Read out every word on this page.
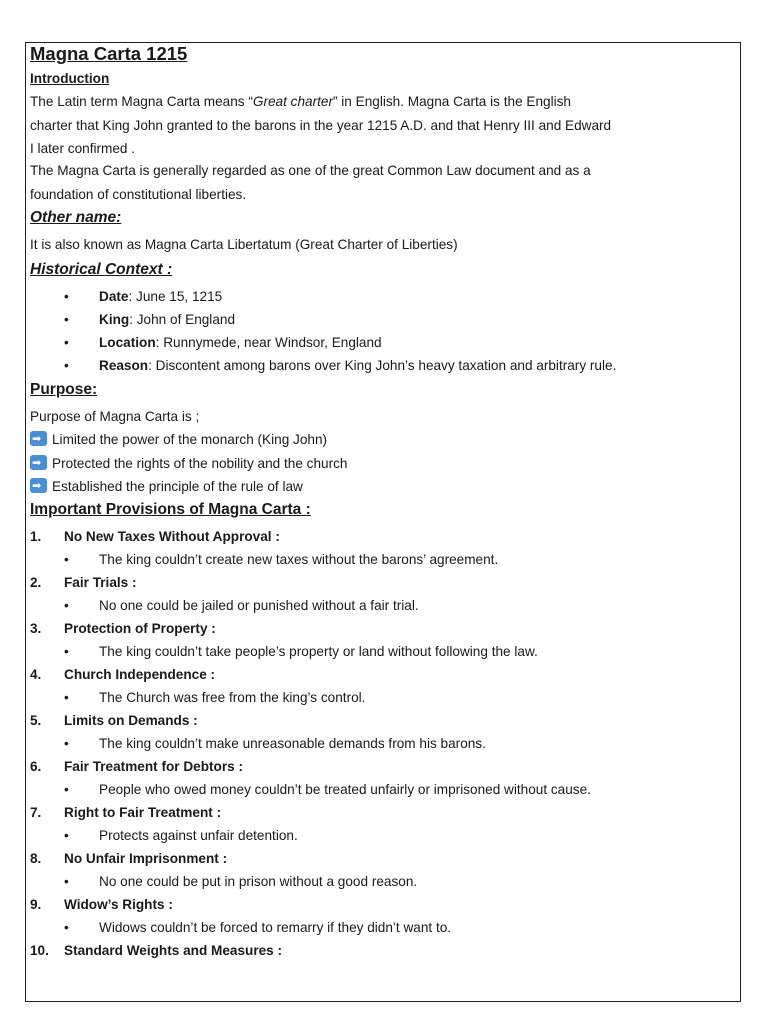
Magna Carta 1215
Introduction
The Latin term Magna Carta means “Great charter” in English. Magna Carta is the English
charter that King John granted to the barons in the year 1215 A.D. and that Henry III and Edward
I later confirmed .
The Magna Carta is generally regarded as one of the great Common Law document and as a
foundation of constitutional liberties.
Other name:
It is also known as Magna Carta Libertatum (Great Charter of Liberties)
Historical Context :
• Date: June 15, 1215
• King: John of England
• Location: Runnymede, near Windsor, England
• Reason: Discontent among barons over King John’s heavy taxation and arbitrary rule.
Purpose:
Purpose of Magna Carta is ;
➡Limited the power of the monarch (King John)
➡Protected the rights of the nobility and the church
➡Established the principle of the rule of law
Important Provisions of Magna Carta :
1. No New Taxes Without Approval :
• The king couldn’t create new taxes without the barons’ agreement.
2. Fair Trials :
• No one could be jailed or punished without a fair trial.
3. Protection of Property :
• The king couldn’t take people’s property or land without following the law.
4. Church Independence :
• The Church was free from the king’s control.
5. Limits on Demands :
• The king couldn’t make unreasonable demands from his barons.
6. Fair Treatment for Debtors :
• People who owed money couldn’t be treated unfairly or imprisoned without cause.
7. Right to Fair Treatment :
• Protects against unfair detention.
8. No Unfair Imprisonment :
• No one could be put in prison without a good reason.
9. Widow’s Rights :
• Widows couldn’t be forced to remarry if they didn’t want to.
10. Standard Weights and Measures :
